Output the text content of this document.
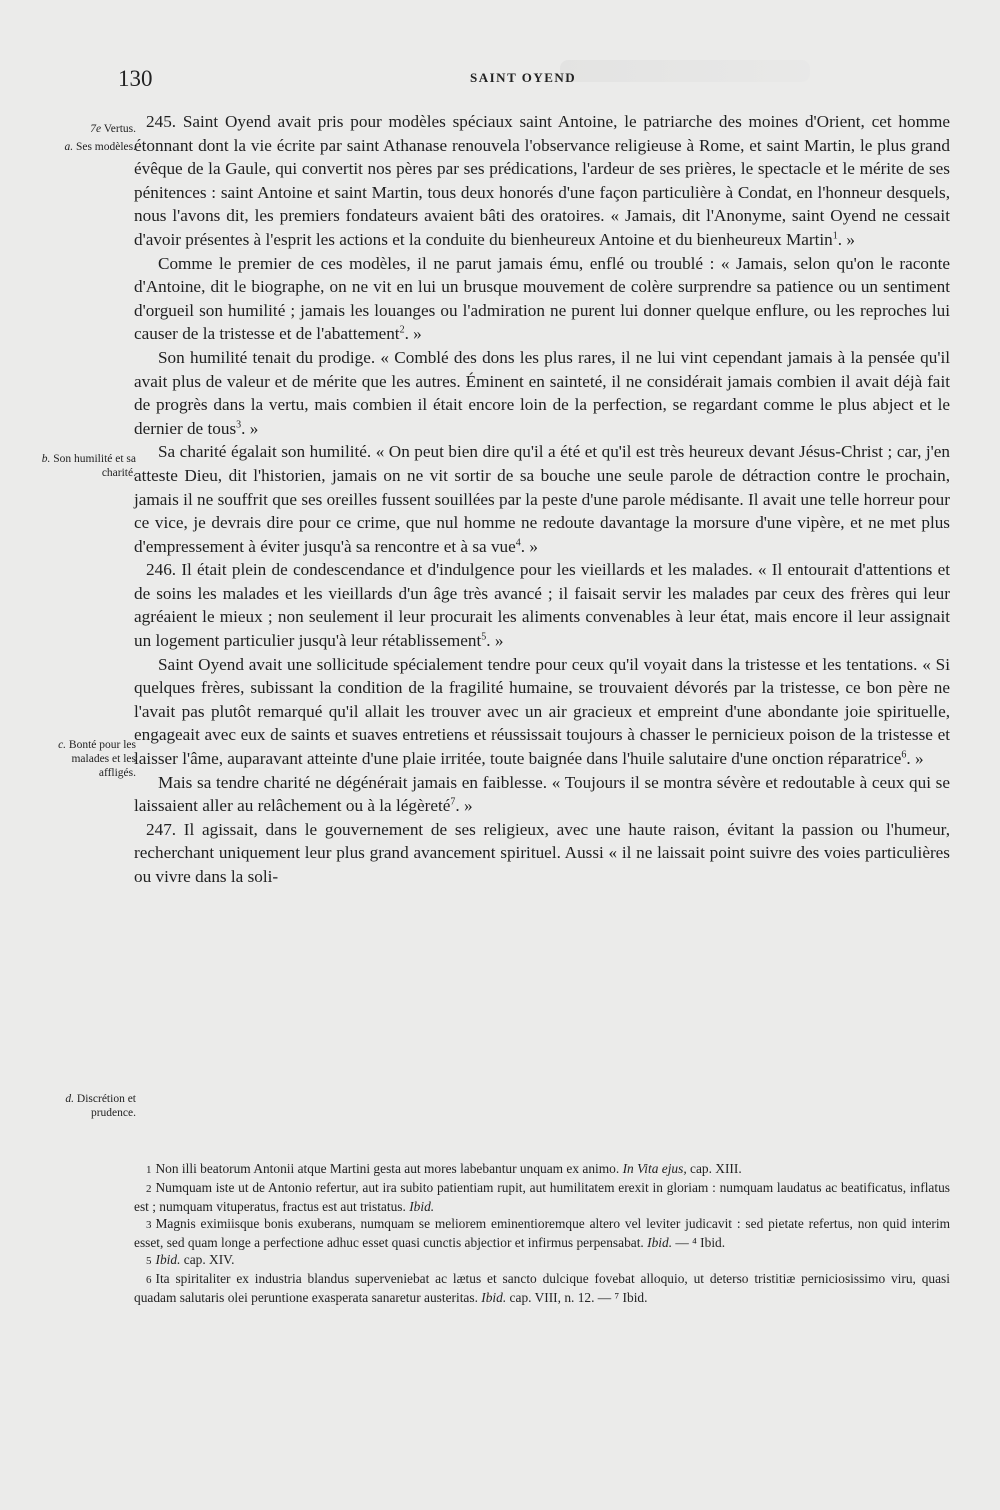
130	SAINT OYEND
7e Vertus.
a. Ses modèles.
b. Son humilité et sa charité.
c. Bonté pour les malades et les affligés.
d. Discrétion et prudence.

245. Saint Oyend avait pris pour modèles spéciaux saint Antoine, le patriarche des moines d'Orient, cet homme étonnant dont la vie écrite par saint Athanase renouvela l'observance religieuse à Rome, et saint Martin, le plus grand évêque de la Gaule, qui convertit nos pères par ses prédications, l'ardeur de ses prières, le spectacle et le mérite de ses pénitences : saint Antoine et saint Martin, tous deux honorés d'une façon particulière à Condat, en l'honneur desquels, nous l'avons dit, les premiers fondateurs avaient bâti des oratoires. « Jamais, dit l'Anonyme, saint Oyend ne cessait d'avoir présentes à l'esprit les actions et la conduite du bienheureux Antoine et du bienheureux Martin$^1$. »

Comme le premier de ces modèles, il ne parut jamais ému, enflé ou troublé : « Jamais, selon qu'on le raconte d'Antoine, dit le biographe, on ne vit en lui un brusque mouvement de colère surprendre sa patience ou un sentiment d'orgueil son humilité ; jamais les louanges ou l'admiration ne purent lui donner quelque enflure, ou les reproches lui causer de la tristesse et de l'abattement$^2$. »

Son humilité tenait du prodige. « Comblé des dons les plus rares, il ne lui vint cependant jamais à la pensée qu'il avait plus de valeur et de mérite que les autres. Éminent en sainteté, il ne considérait jamais combien il avait déjà fait de progrès dans la vertu, mais combien il était encore loin de la perfection, se regardant comme le plus abject et le dernier de tous$^3$. »

Sa charité égalait son humilité. « On peut bien dire qu'il a été et qu'il est très heureux devant Jésus-Christ ; car, j'en atteste Dieu, dit l'historien, jamais on ne vit sortir de sa bouche une seule parole de détraction contre le prochain, jamais il ne souffrit que ses oreilles fussent souillées par la peste d'une parole médisante. Il avait une telle horreur pour ce vice, je devrais dire pour ce crime, que nul homme ne redoute davantage la morsure d'une vipère, et ne met plus d'empressement à éviter jusqu'à sa rencontre et à sa vue$^4$. »

246. Il était plein de condescendance et d'indulgence pour les vieillards et les malades. « Il entourait d'attentions et de soins les malades et les vieillards d'un âge très avancé ; il faisait servir les malades par ceux des frères qui leur agréaient le mieux ; non seulement il leur procurait les aliments convenables à leur état, mais encore il leur assignait un logement particulier jusqu'à leur rétablissement$^5$. »

Saint Oyend avait une sollicitude spécialement tendre pour ceux qu'il voyait dans la tristesse et les tentations. « Si quelques frères, subissant la condition de la fragilité humaine, se trouvaient dévorés par la tristesse, ce bon père ne l'avait pas plutôt remarqué qu'il allait les trouver avec un air gracieux et empreint d'une abondante joie spirituelle, engageait avec eux de saints et suaves entretiens et réussissait toujours à chasser le pernicieux poison de la tristesse et laisser l'âme, auparavant atteinte d'une plaie irritée, toute baignée dans l'huile salutaire d'une onction réparatrice$^6$. »

Mais sa tendre charité ne dégénérait jamais en faiblesse. « Toujours il se montra sévère et redoutable à ceux qui se laissaient aller au relâchement ou à la légèreté$^7$. »

247. Il agissait, dans le gouvernement de ses religieux, avec une haute raison, évitant la passion ou l'humeur, recherchant uniquement leur plus grand avancement spirituel. Aussi « il ne laissait point suivre des voies particulières ou vivre dans la soli-

1 Non illi beatorum Antonii atque Martini gesta aut mores labebantur unquam ex animo. In Vita ejus, cap. XIII.

2 Numquam iste ut de Antonio refertur, aut ira subito patientiam rupit, aut humilitatem erexit in gloriam : numquam laudatus ac beatificatus, inflatus est ; numquam vituperatus, fractus est aut tristatus. Ibid.

3 Magnis eximiisque bonis exuberans, numquam se meliorem eminentioremque altero vel leviter judicavit : sed pietate refertus, non quid interim esset, sed quam longe a perfectione adhuc esset quasi cunctis abjectior et infirmus perpensabat. Ibid. — ⁴ Ibid.

5 Ibid. cap. XIV.

6 Ita spiritaliter ex industria blandus superveniebat ac lætus et sancto dulcique fovebat alloquio, ut deterso tristitiæ perniciosissimo viru, quasi quadam salutaris olei peruntione exasperata sanaretur austeritas. Ibid. cap. VIII, n. 12. — ⁷ Ibid.
